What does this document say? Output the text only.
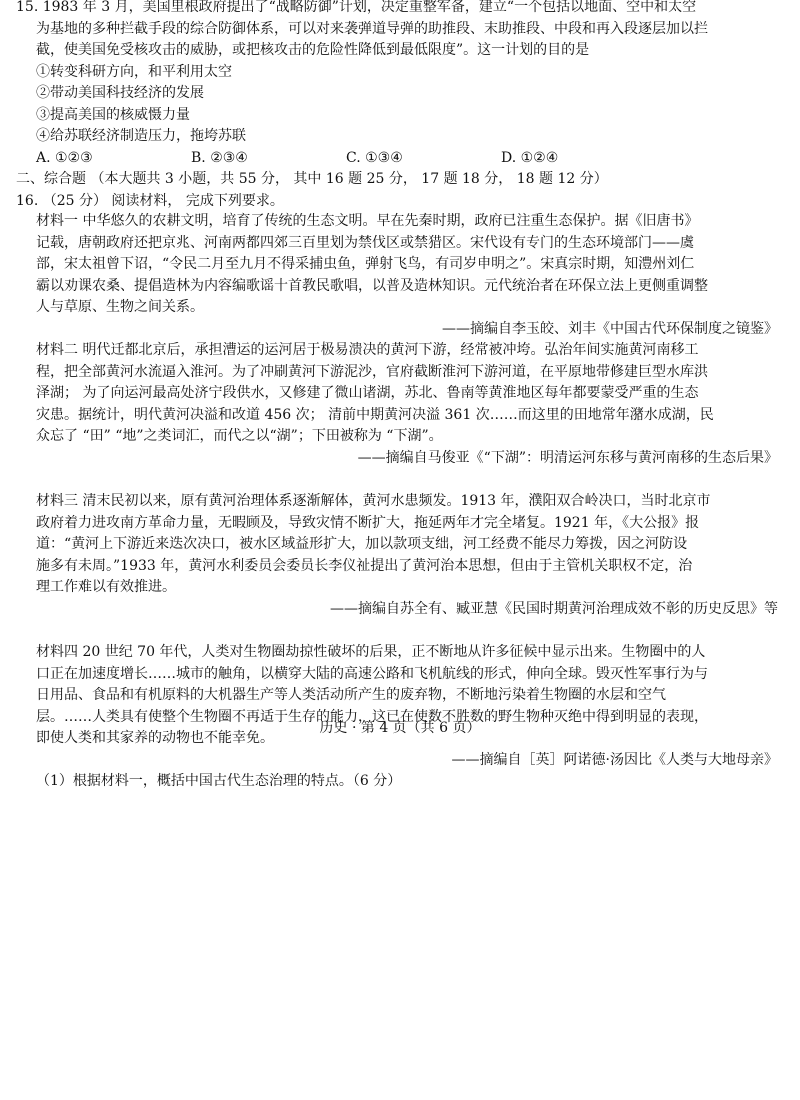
15. 1983 年 3 月，美国里根政府提出了“战略防御”计划，决定重整军备，建立“一个包括以地面、空中和太空
为基地的多种拦截手段的综合防御体系，可以对来袭弹道导弹的助推段、末助推段、中段和再入段逐层加以拦
截，使美国免受核攻击的威胁，或把核攻击的危险性降低到最低限度”。这一计划的目的是
①转变科研方向，和平利用太空
②带动美国科技经济的发展
③提高美国的核威慑力量
④给苏联经济制造压力，拖垮苏联
A. ①②③	B. ②③④	C. ①③④	D. ①②④
二、综合题 （本大题共 3 小题，共 55 分， 其中 16 题 25 分， 17 题 18 分， 18 题 12 分）
16. （25 分） 阅读材料， 完成下列要求。
材料一 中华悠久的农耕文明，培育了传统的生态文明。早在先秦时期，政府已注重生态保护。据《旧唐书》
记载，唐朝政府还把京兆、河南两都四郊三百里划为禁伐区或禁猎区。宋代设有专门的生态环境部门——虞
部，宋太祖曾下诏，“令民二月至九月不得采捕虫鱼，弹射飞鸟，有司岁申明之”。宋真宗时期，知澧州刘仁
霸以劝课农桑、提倡造林为内容编歌谣十首教民歌唱，以普及造林知识。元代统治者在环保立法上更侧重调整
人与草原、生物之间关系。
——摘编自李玉皎、刘丰《中国古代环保制度之镜鉴》
材料二 明代迁都北京后，承担漕运的运河居于极易溃决的黄河下游，经常被冲垮。弘治年间实施黄河南移工
程，把全部黄河水流逼入淮河。为了冲刷黄河下游泥沙，官府截断淮河下游河道，在平原地带修建巨型水库洪
泽湖； 为了向运河最高处济宁段供水，又修建了微山诸湖，苏北、鲁南等黄淮地区每年都要蒙受严重的生态
灾患。据统计，明代黄河决溢和改道 456 次； 清前中期黄河决溢 361 次……而这里的田地常年潴水成湖，民
众忘了 “田” “地”之类词汇，而代之以“湖”；下田被称为 “下湖”。
——摘编自马俊亚《“下湖”：明清运河东移与黄河南移的生态后果》
材料三 清末民初以来，原有黄河治理体系逐渐解体，黄河水患频发。1913 年，濮阳双合岭决口，当时北京市
政府着力进攻南方革命力量，无暇顾及，导致灾情不断扩大，拖延两年才完全堵复。1921 年，《大公报》报
道：“黄河上下游近来迭次决口，被水区域益形扩大，加以款项支绌，河工经费不能尽力筹拨，因之河防设
施多有未周。”1933 年，黄河水利委员会委员长李仪祉提出了黄河治本思想，但由于主管机关职权不定，治
理工作难以有效推进。
——摘编自苏全有、臧亚慧《民国时期黄河治理成效不彰的历史反思》等
材料四 20 世纪 70 年代，人类对生物圈劫掠性破坏的后果，正不断地从许多征候中显示出来。生物圈中的人
口正在加速度增长……城市的触角，以横穿大陆的高速公路和飞机航线的形式，伸向全球。毁灭性军事行为与
日用品、食品和有机原料的大机器生产等人类活动所产生的废弃物，不断地污染着生物圈的水层和空气
层。……人类具有使整个生物圈不再适于生存的能力，这已在使数不胜数的野生物种灭绝中得到明显的表现，
即使人类和其家养的动物也不能幸免。
——摘编自［英］阿诺德·汤因比《人类与大地母亲》
（1）根据材料一，概括中国古代生态治理的特点。（6 分）
历史 · 第 4 页（共 6 页）
